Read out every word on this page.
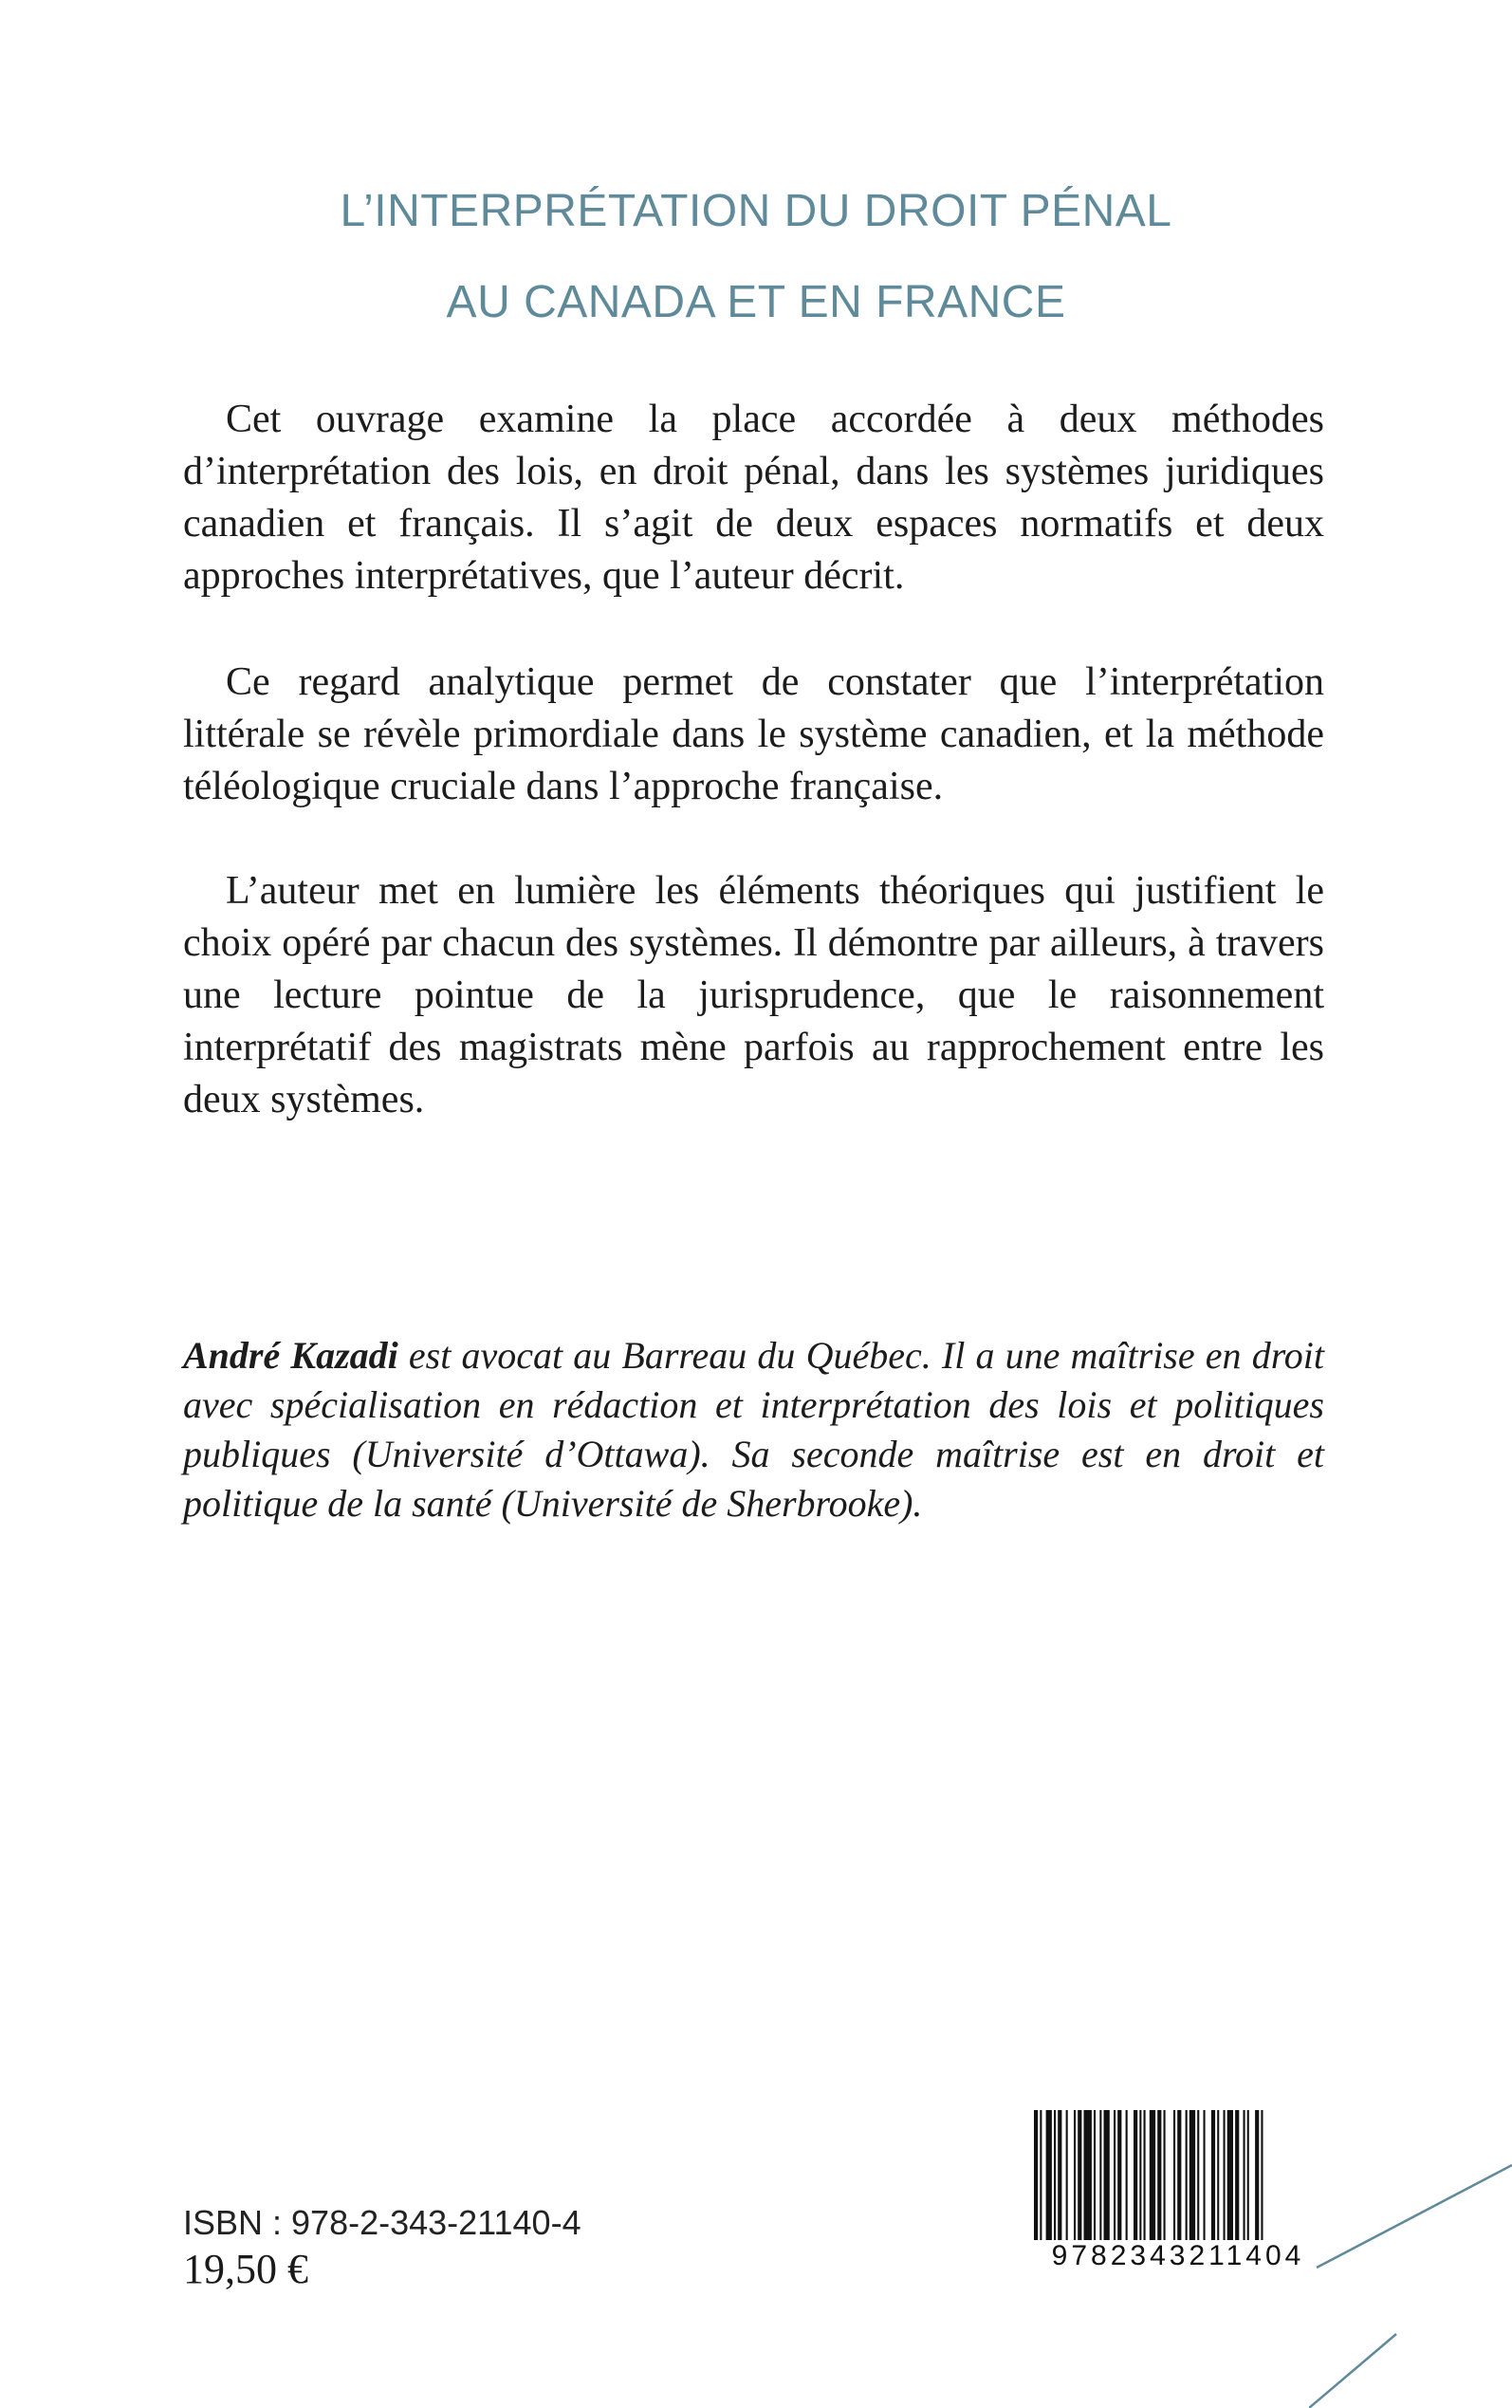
L’INTERPRÉTATION DU DROIT PÉNAL
AU CANADA ET EN FRANCE

Cet ouvrage examine la place accordée à deux méthodes d’interprétation des lois, en droit pénal, dans les systèmes juridiques canadien et français. Il s’agit de deux espaces normatifs et deux approches interprétatives, que l’auteur décrit.

Ce regard analytique permet de constater que l’interprétation littérale se révèle primordiale dans le système canadien, et la méthode téléologique cruciale dans l’approche française.

L’auteur met en lumière les éléments théoriques qui justifient le choix opéré par chacun des systèmes. Il démontre par ailleurs, à travers une lecture pointue de la jurisprudence, que le raisonnement interprétatif des magistrats mène parfois au rapprochement entre les deux systèmes.

André Kazadi est avocat au Barreau du Québec. Il a une maîtrise en droit avec spécialisation en rédaction et interprétation des lois et politiques publiques (Université d’Ottawa). Sa seconde maîtrise est en droit et politique de la santé (Université de Sherbrooke).
ISBN : 978-2-343-21140-4
19,50 €	9782343211404
